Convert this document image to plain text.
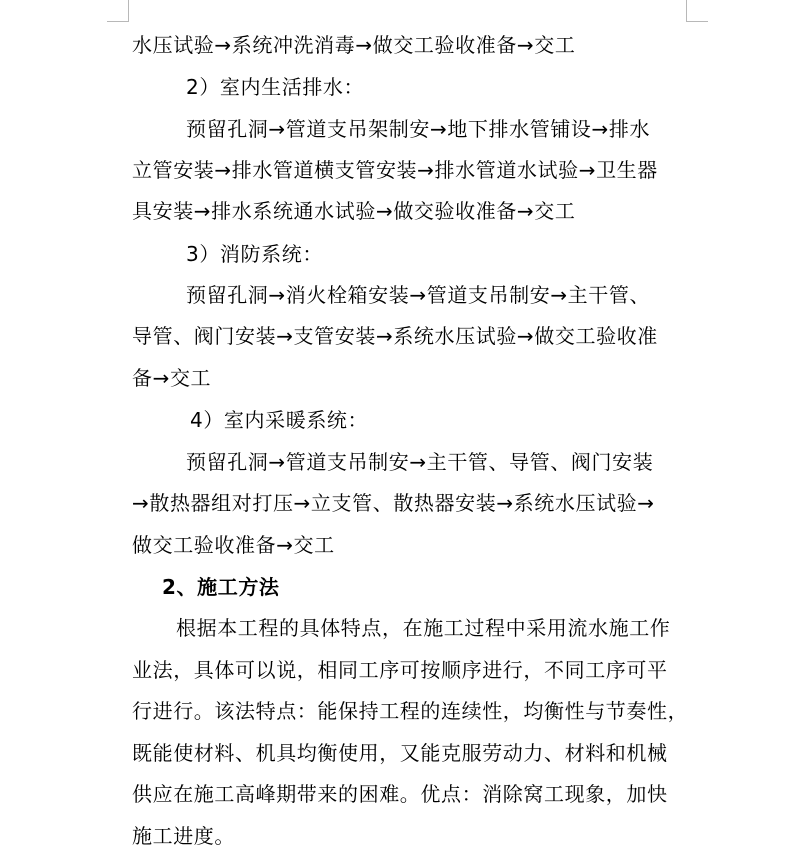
水压试验→系统冲洗消毒→做交工验收准备→交工
2）室内生活排水：
预留孔洞→管道支吊架制安→地下排水管铺设→排水
立管安装→排水管道横支管安装→排水管道水试验→卫生器
具安装→排水系统通水试验→做交验收准备→交工
3）消防系统：
预留孔洞→消火栓箱安装→管道支吊制安→主干管、
导管、阀门安装→支管安装→系统水压试验→做交工验收准
备→交工
4）室内采暖系统：
预留孔洞→管道支吊制安→主干管、导管、阀门安装
→散热器组对打压→立支管、散热器安装→系统水压试验→
做交工验收准备→交工
2、施工方法
根据本工程的具体特点，在施工过程中采用流水施工作
业法，具体可以说，相同工序可按顺序进行，不同工序可平
行进行。该法特点：能保持工程的连续性，均衡性与节奏性，
既能使材料、机具均衡使用，又能克服劳动力、材料和机械
供应在施工高峰期带来的困难。优点：消除窝工现象，加快
施工进度。
